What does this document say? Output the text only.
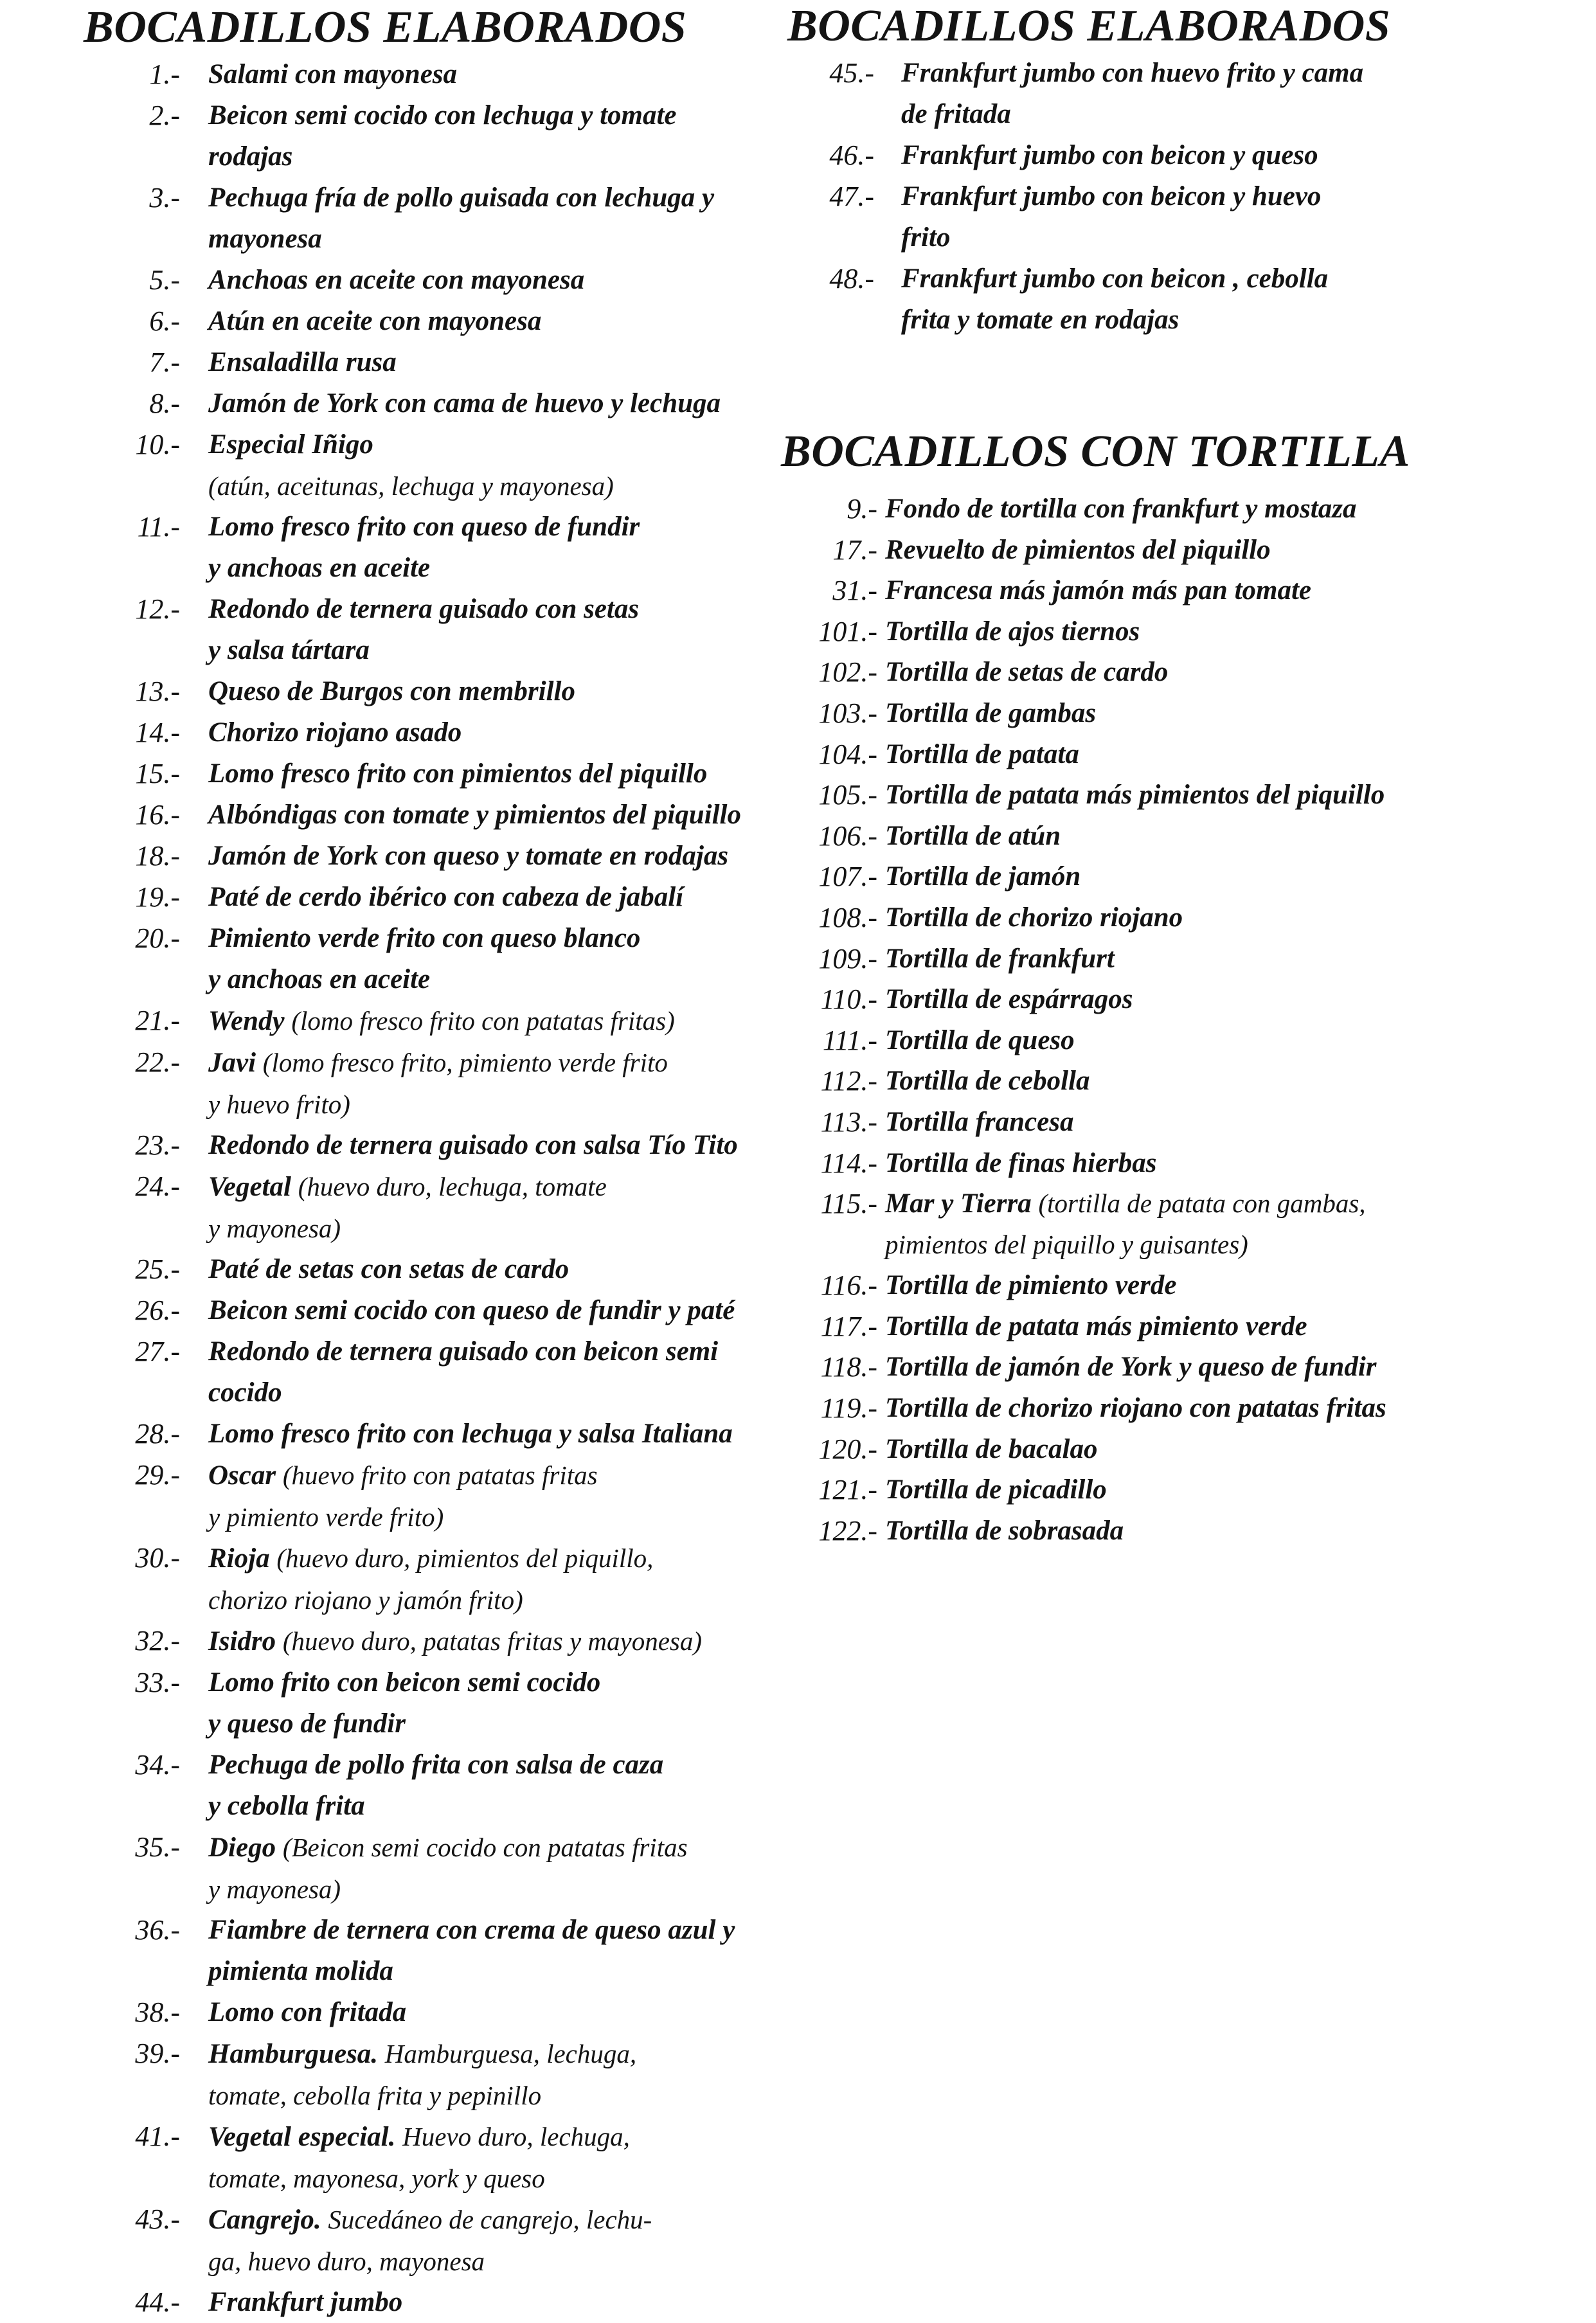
BOCADILLOS ELABORADOS
1.-	Salami con mayonesa
2.-	Beicon semi cocido con lechuga y tomate rodajas
3.-	Pechuga fría de pollo guisada con lechuga y
mayonesa
5.-	Anchoas en aceite con mayonesa
6.-	Atún en aceite con mayonesa
7.-	Ensaladilla rusa
8.-	Jamón de York con cama de huevo y lechuga
10.-	Especial Iñigo
(atún, aceitunas, lechuga y mayonesa)
11.-	Lomo fresco frito con queso de fundir
y anchoas en aceite
12.-	Redondo de ternera guisado con setas
y salsa tártara
13.-	Queso de Burgos con membrillo
14.-	Chorizo riojano asado
15.-	Lomo fresco frito con pimientos del piquillo
16.-	Albóndigas con tomate y pimientos del piquillo
18.-	Jamón de York con queso y tomate en rodajas
19.-	Paté de cerdo ibérico con cabeza de jabalí
20.-	Pimiento verde frito con queso blanco
y anchoas en aceite
21.-	Wendy (lomo fresco frito con patatas fritas)
22.-	Javi (lomo fresco frito, pimiento verde frito
y huevo frito)
23.-	Redondo de ternera guisado con salsa Tío Tito
24.-	Vegetal (huevo duro, lechuga, tomate
y mayonesa)
25.-	Paté de setas con setas de cardo
26.-	Beicon semi cocido con queso de fundir y paté
27.-	Redondo de ternera guisado con beicon semi
cocido
28.-	Lomo fresco frito con lechuga y salsa Italiana
29.-	Oscar (huevo frito con patatas fritas
y pimiento verde frito)
30.-	Rioja (huevo duro, pimientos del piquillo,
chorizo riojano y jamón frito)
32.-	Isidro (huevo duro, patatas fritas y mayonesa)
33.-	Lomo frito con beicon semi cocido
y queso de fundir
34.-	Pechuga de pollo frita con salsa de caza
y cebolla frita
35.-	Diego (Beicon semi cocido con patatas fritas
y mayonesa)
36.-	Fiambre de ternera con crema de queso azul y
pimienta molida
38.-	Lomo con fritada
39.-	Hamburguesa. Hamburguesa, lechuga,
tomate, cebolla frita y pepinillo
41.-	Vegetal especial. Huevo duro, lechuga,
tomate, mayonesa, york y queso
43.-	Cangrejo. Sucedáneo de cangrejo, lechu-
ga, huevo duro, mayonesa
44.-	Frankfurt jumbo
BOCADILLOS ELABORADOS
45.- Frankfurt jumbo con huevo frito y cama
de fritada
46.- Frankfurt jumbo con beicon y queso
47.- Frankfurt jumbo con beicon y huevo
frito
48.- Frankfurt jumbo con beicon , cebolla
frita y tomate en rodajas
BOCADILLOS CON TORTILLA
9.- Fondo de tortilla con frankfurt y mostaza
17.- Revuelto de pimientos del piquillo
31.- Francesa más jamón más pan tomate
101.- Tortilla de ajos tiernos
102.- Tortilla de setas de cardo
103.- Tortilla de gambas
104.- Tortilla de patata
105.- Tortilla de patata más pimientos del piquillo
106.- Tortilla de atún
107.- Tortilla de jamón
108.- Tortilla de chorizo riojano
109.- Tortilla de frankfurt
110.- Tortilla de espárragos
111.- Tortilla de queso
112.- Tortilla de cebolla
113.- Tortilla francesa
114.- Tortilla de finas hierbas
115.- Mar y Tierra (tortilla de patata con gambas,
pimientos del piquillo y guisantes)
116.- Tortilla de pimiento verde
117.- Tortilla de patata más pimiento verde
118.- Tortilla de jamón de York y queso de fundir
119.- Tortilla de chorizo riojano con patatas fritas
120.- Tortilla de bacalao
121.- Tortilla de picadillo
122.- Tortilla de sobrasada
